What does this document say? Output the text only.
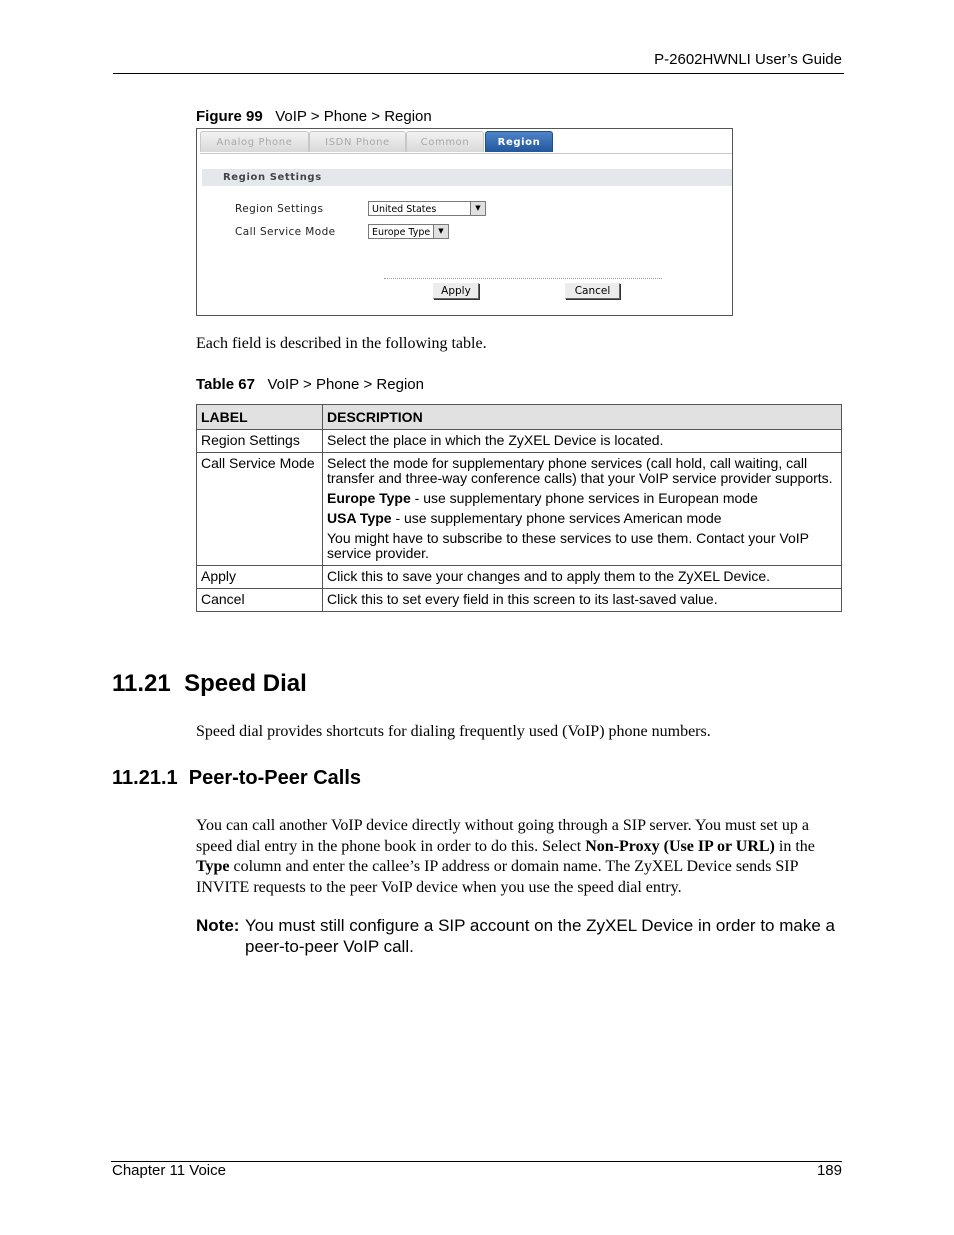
P-2602HWNLI User’s Guide
Figure 99 VoIP > Phone > Region
Analog Phone	ISDN Phone	Common	Region
Region Settings
Region Settings	United States	▼
Call Service Mode	Europe Type	▼
Apply	Cancel
Each field is described in the following table.
Table 67 VoIP > Phone > Region
LABEL	DESCRIPTION
Region Settings	Select the place in which the ZyXEL Device is located.
Call Service Mode	Select the mode for supplementary phone services (call hold, call waiting, call transfer and three-way conference calls) that your VoIP service provider supports.

Europe Type - use supplementary phone services in European mode

USA Type - use supplementary phone services American mode

You might have to subscribe to these services to use them. Contact your VoIP service provider.

Apply	Click this to save your changes and to apply them to the ZyXEL Device.
Cancel	Click this to set every field in this screen to its last-saved value.
11.21  Speed Dial
Speed dial provides shortcuts for dialing frequently used (VoIP) phone numbers.
11.21.1  Peer-to-Peer Calls
You can call another VoIP device directly without going through a SIP server. You must set up a speed dial entry in the phone book in order to do this. Select Non-Proxy (Use IP or URL) in the Type column and enter the callee’s IP address or domain name. The ZyXEL Device sends SIP INVITE requests to the peer VoIP device when you use the speed dial entry.
Note: You must still configure a SIP account on the ZyXEL Device in order to make a peer-to-peer VoIP call.
Chapter 11 Voice	189
